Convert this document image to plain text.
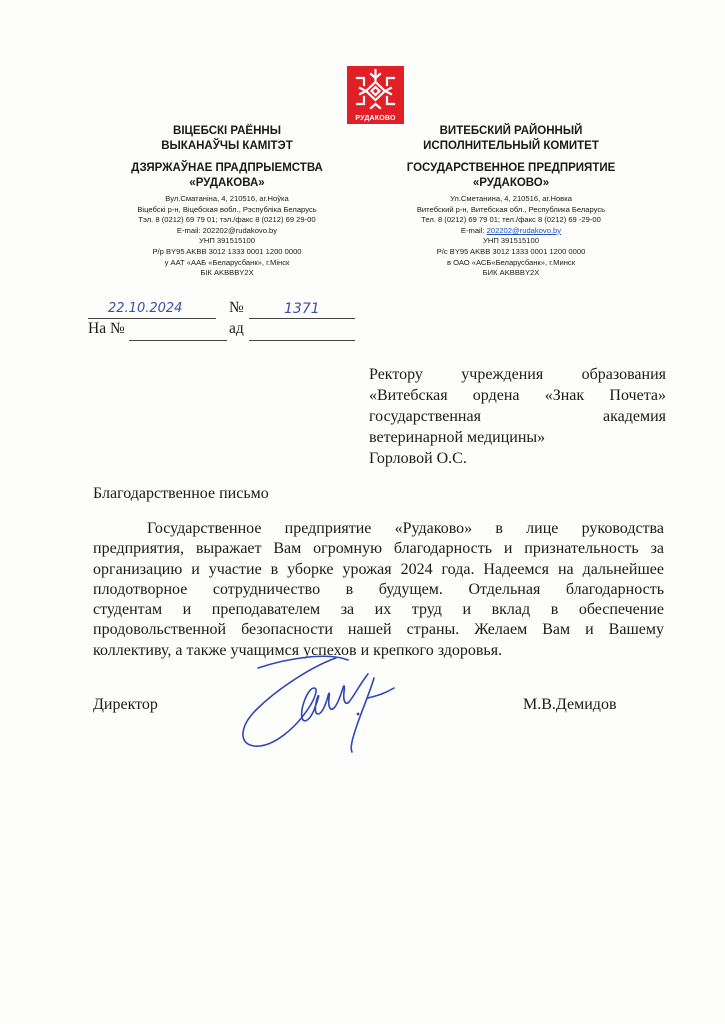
РУДАКОВО
ВIЦЕБСКI РАЁННЫ
ВЫКАНАЎЧЫ КАМIТЭТ
ДЗЯРЖАЎНАЕ ПРАДПРЫЕМСТВА
«РУДАКОВА»
Вул.Сматаніна, 4, 210516, аг.Ноўка
Віцебскі р-н, Віцебская вобл., Рэспубліка Беларусь
Тэл. 8 (0212) 69 79 01; тэл./факс 8 (0212) 69 29-00
E-mail: 202202@rudakovo.by
УНП 391515100
Р/р BY95 AKBB 3012 1333 0001 1200 0000
у ААТ «ААБ «Беларусбанк», г.Мінск
БІК AKBBBY2X
ВИТЕБСКИЙ РАЙОННЫЙ
ИСПОЛНИТЕЛЬНЫЙ КОМИТЕТ
ГОСУДАРСТВЕННОЕ ПРЕДПРИЯТИЕ
«РУДАКОВО»
Ул.Сметанина, 4, 210516, аг.Новка
Витебский р-н, Витебская обл., Республика Беларусь
Тел. 8 (0212) 69 79 01; тел./факс 8 (0212) 69 -29-00
E-mail: 202202@rudakovo.by
УНП 391515100
Р/с BY95 AKBB 3012 1333 0001 1200 0000
в ОАО «АСБ«Беларусбанк», г.Минск
БИК AKBBBY2X
22.10.2024	№	1371
На №	ад
Ректору учреждения образования
«Витебская ордена «Знак Почета»
государственная академия
ветеринарной медицины»
Горловой О.С.
Благодарственное письмо
Государственное предприятие «Рудаково» в лице руководства
предприятия, выражает Вам огромную благодарность и признательность за
организацию и участие в уборке урожая 2024 года. Надеемся на дальнейшее
плодотворное сотрудничество в будущем. Отдельная благодарность
студентам и преподавателем за их труд и вклад в обеспечение
продовольственной безопасности нашей страны. Желаем Вам и Вашему
коллективу, а также учащимся успехов и крепкого здоровья.
Директор	М.В.Демидов
